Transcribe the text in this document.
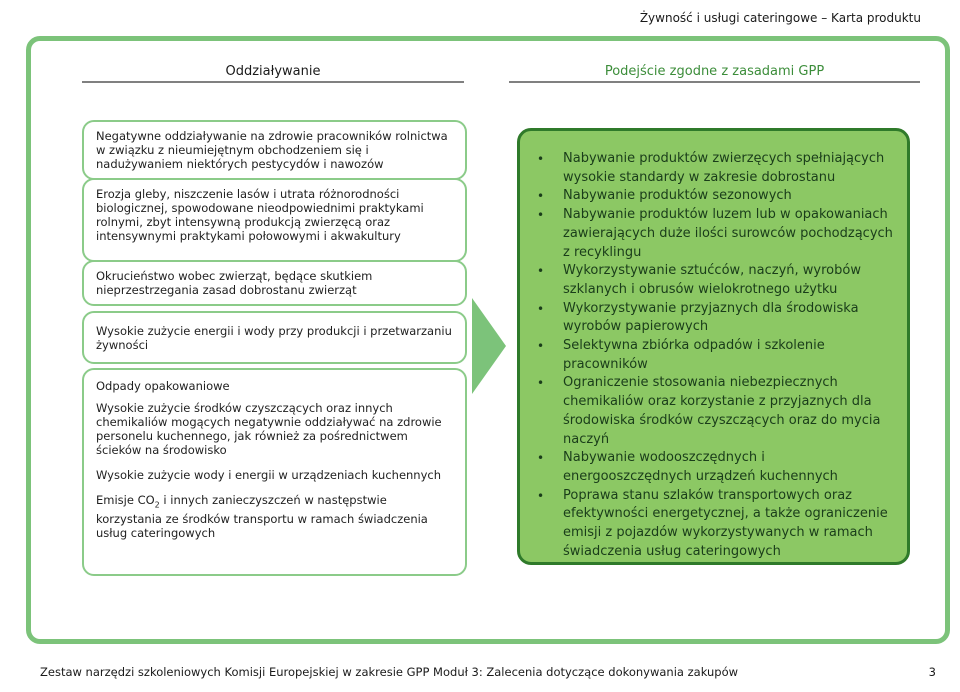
Żywność i usługi cateringowe – Karta produktu
Oddziaływanie	Podejście zgodne z zasadami GPP

Negatywne oddziaływanie na zdrowie pracowników rolnictwa w związku z nieumiejętnym obchodzeniem się i nadużywaniem niektórych pestycydów i nawozów

Erozja gleby, niszczenie lasów i utrata różnorodności biologicznej, spowodowane nieodpowiednimi praktykami rolnymi, zbyt intensywną produkcją zwierzęcą oraz intensywnymi praktykami połowowymi i akwakultury

Okrucieństwo wobec zwierząt, będące skutkiem nieprzestrzegania zasad dobrostanu zwierząt

Wysokie zużycie energii i wody przy produkcji i przetwarzaniu żywności

Odpady opakowaniowe

Wysokie zużycie środków czyszczących oraz innych chemikaliów mogących negatywnie oddziaływać na zdrowie personelu kuchennego, jak również za pośrednictwem ścieków na środowisko

Wysokie zużycie wody i energii w urządzeniach kuchennych

Emisje $CO_2$ i innych zanieczyszczeń w następstwie korzystania ze środków transportu w ramach świadczenia usług cateringowych

• Nabywanie produktów zwierzęcych spełniających wysokie standardy w zakresie dobrostanu
• Nabywanie produktów sezonowych
• Nabywanie produktów luzem lub w opakowaniach zawierających duże ilości surowców pochodzących z recyklingu
• Wykorzystywanie sztućców, naczyń, wyrobów szklanych i obrusów wielokrotnego użytku
• Wykorzystywanie przyjaznych dla środowiska wyrobów papierowych
• Selektywna zbiórka odpadów i szkolenie pracowników
• Ograniczenie stosowania niebezpiecznych chemikaliów oraz korzystanie z przyjaznych dla środowiska środków czyszczących oraz do mycia naczyń
• Nabywanie wodooszczędnych i energooszczędnych urządzeń kuchennych
• Poprawa stanu szlaków transportowych oraz efektywności energetycznej, a także ograniczenie emisji z pojazdów wykorzystywanych w ramach świadczenia usług cateringowych
Zestaw narzędzi szkoleniowych Komisji Europejskiej w zakresie GPP Moduł 3: Zalecenia dotyczące dokonywania zakupów	3
